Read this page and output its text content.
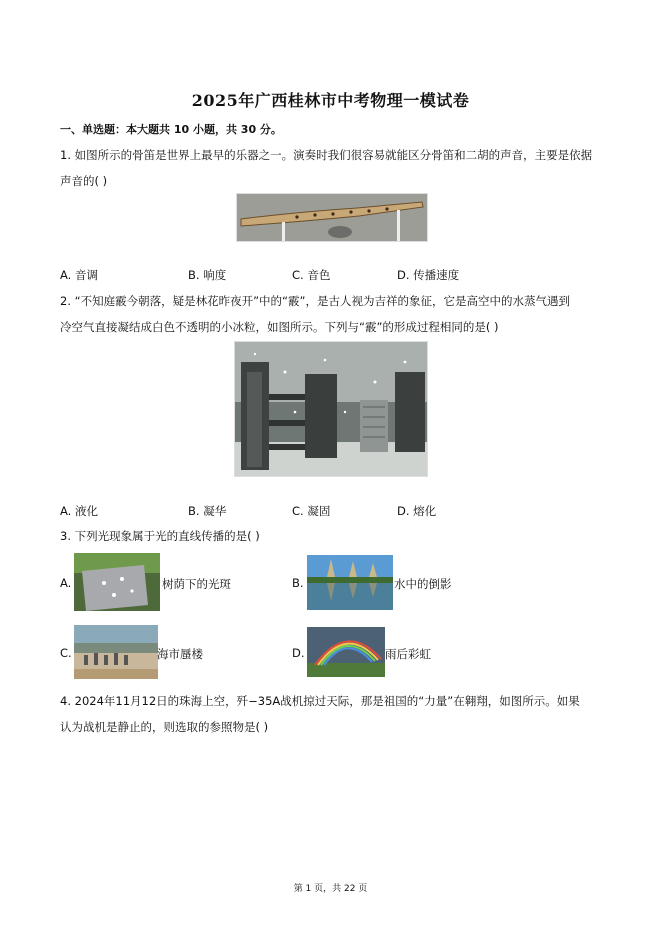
2025年广西桂林市中考物理一模试卷
一、单选题：本大题共 10 小题，共 30 分。
1. 如图所示的骨笛是世界上最早的乐器之一。演奏时我们很容易就能区分骨笛和二胡的声音，主要是依据
声音的( )
A. 音调	B. 响度	C. 音色	D. 传播速度
2. “不知庭霰今朝落，疑是林花昨夜开”中的“霰”，是古人视为吉祥的象征，它是高空中的水蒸气遇到
冷空气直接凝结成白色不透明的小冰粒，如图所示。下列与“霰”的形成过程相同的是( )
A. 液化	B. 凝华	C. 凝固	D. 熔化
3. 下列光现象属于光的直线传播的是( )
A.	树荫下的光斑	B.	水中的倒影
C.	海市蜃楼	D.	雨后彩虹
4. 2024年11月12日的珠海上空，歼−35A战机掠过天际，那是祖国的“力量”在翱翔，如图所示。如果
认为战机是静止的，则选取的参照物是( )
第 1 页，共 22 页
